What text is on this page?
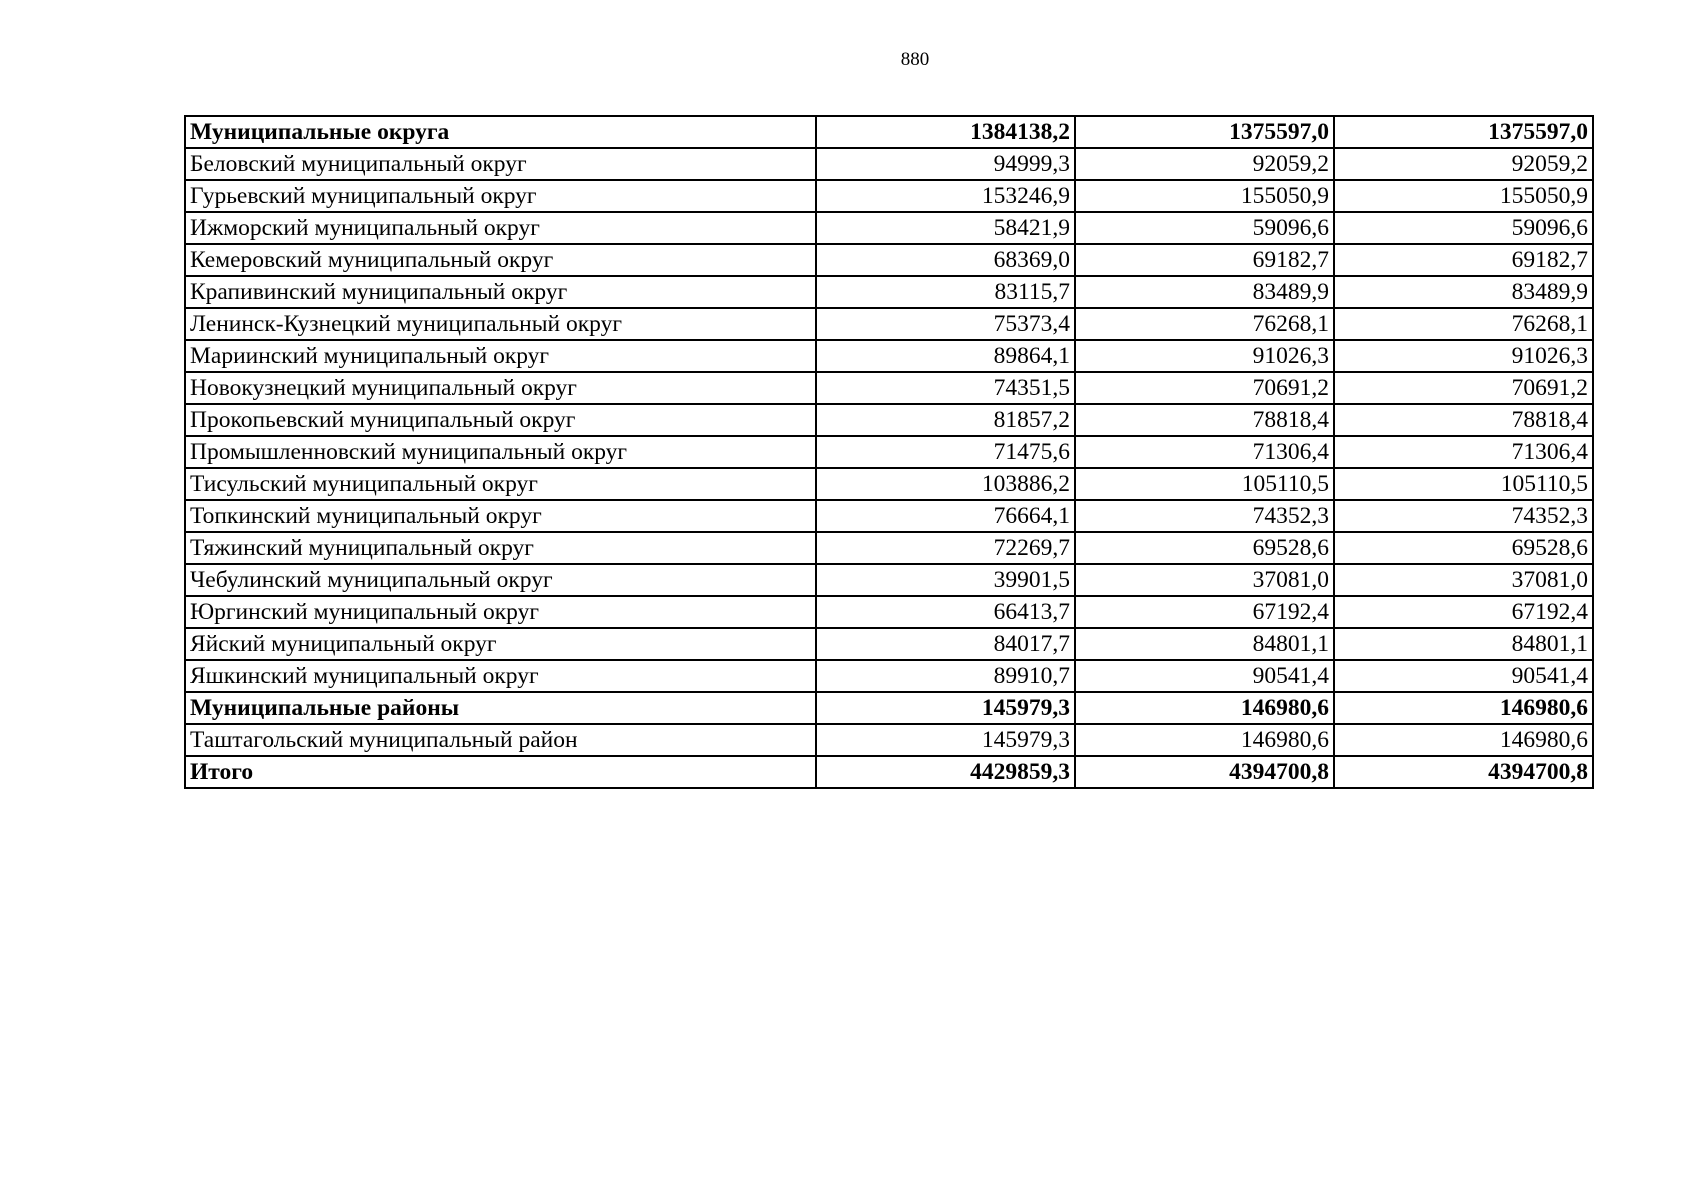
880
Муниципальные округа	1384138,2	1375597,0	1375597,0
Беловский муниципальный округ	94999,3	92059,2	92059,2
Гурьевский муниципальный округ	153246,9	155050,9	155050,9
Ижморский муниципальный округ	58421,9	59096,6	59096,6
Кемеровский муниципальный округ	68369,0	69182,7	69182,7
Крапивинский муниципальный округ	83115,7	83489,9	83489,9
Ленинск-Кузнецкий муниципальный округ	75373,4	76268,1	76268,1
Мариинский муниципальный округ	89864,1	91026,3	91026,3
Новокузнецкий муниципальный округ	74351,5	70691,2	70691,2
Прокопьевский муниципальный округ	81857,2	78818,4	78818,4
Промышленновский муниципальный округ	71475,6	71306,4	71306,4
Тисульский муниципальный округ	103886,2	105110,5	105110,5
Топкинский муниципальный округ	76664,1	74352,3	74352,3
Тяжинский муниципальный округ	72269,7	69528,6	69528,6
Чебулинский муниципальный округ	39901,5	37081,0	37081,0
Юргинский муниципальный округ	66413,7	67192,4	67192,4
Яйский муниципальный округ	84017,7	84801,1	84801,1
Яшкинский муниципальный округ	89910,7	90541,4	90541,4
Муниципальные районы	145979,3	146980,6	146980,6
Таштагольский муниципальный район	145979,3	146980,6	146980,6
Итого	4429859,3	4394700,8	4394700,8
